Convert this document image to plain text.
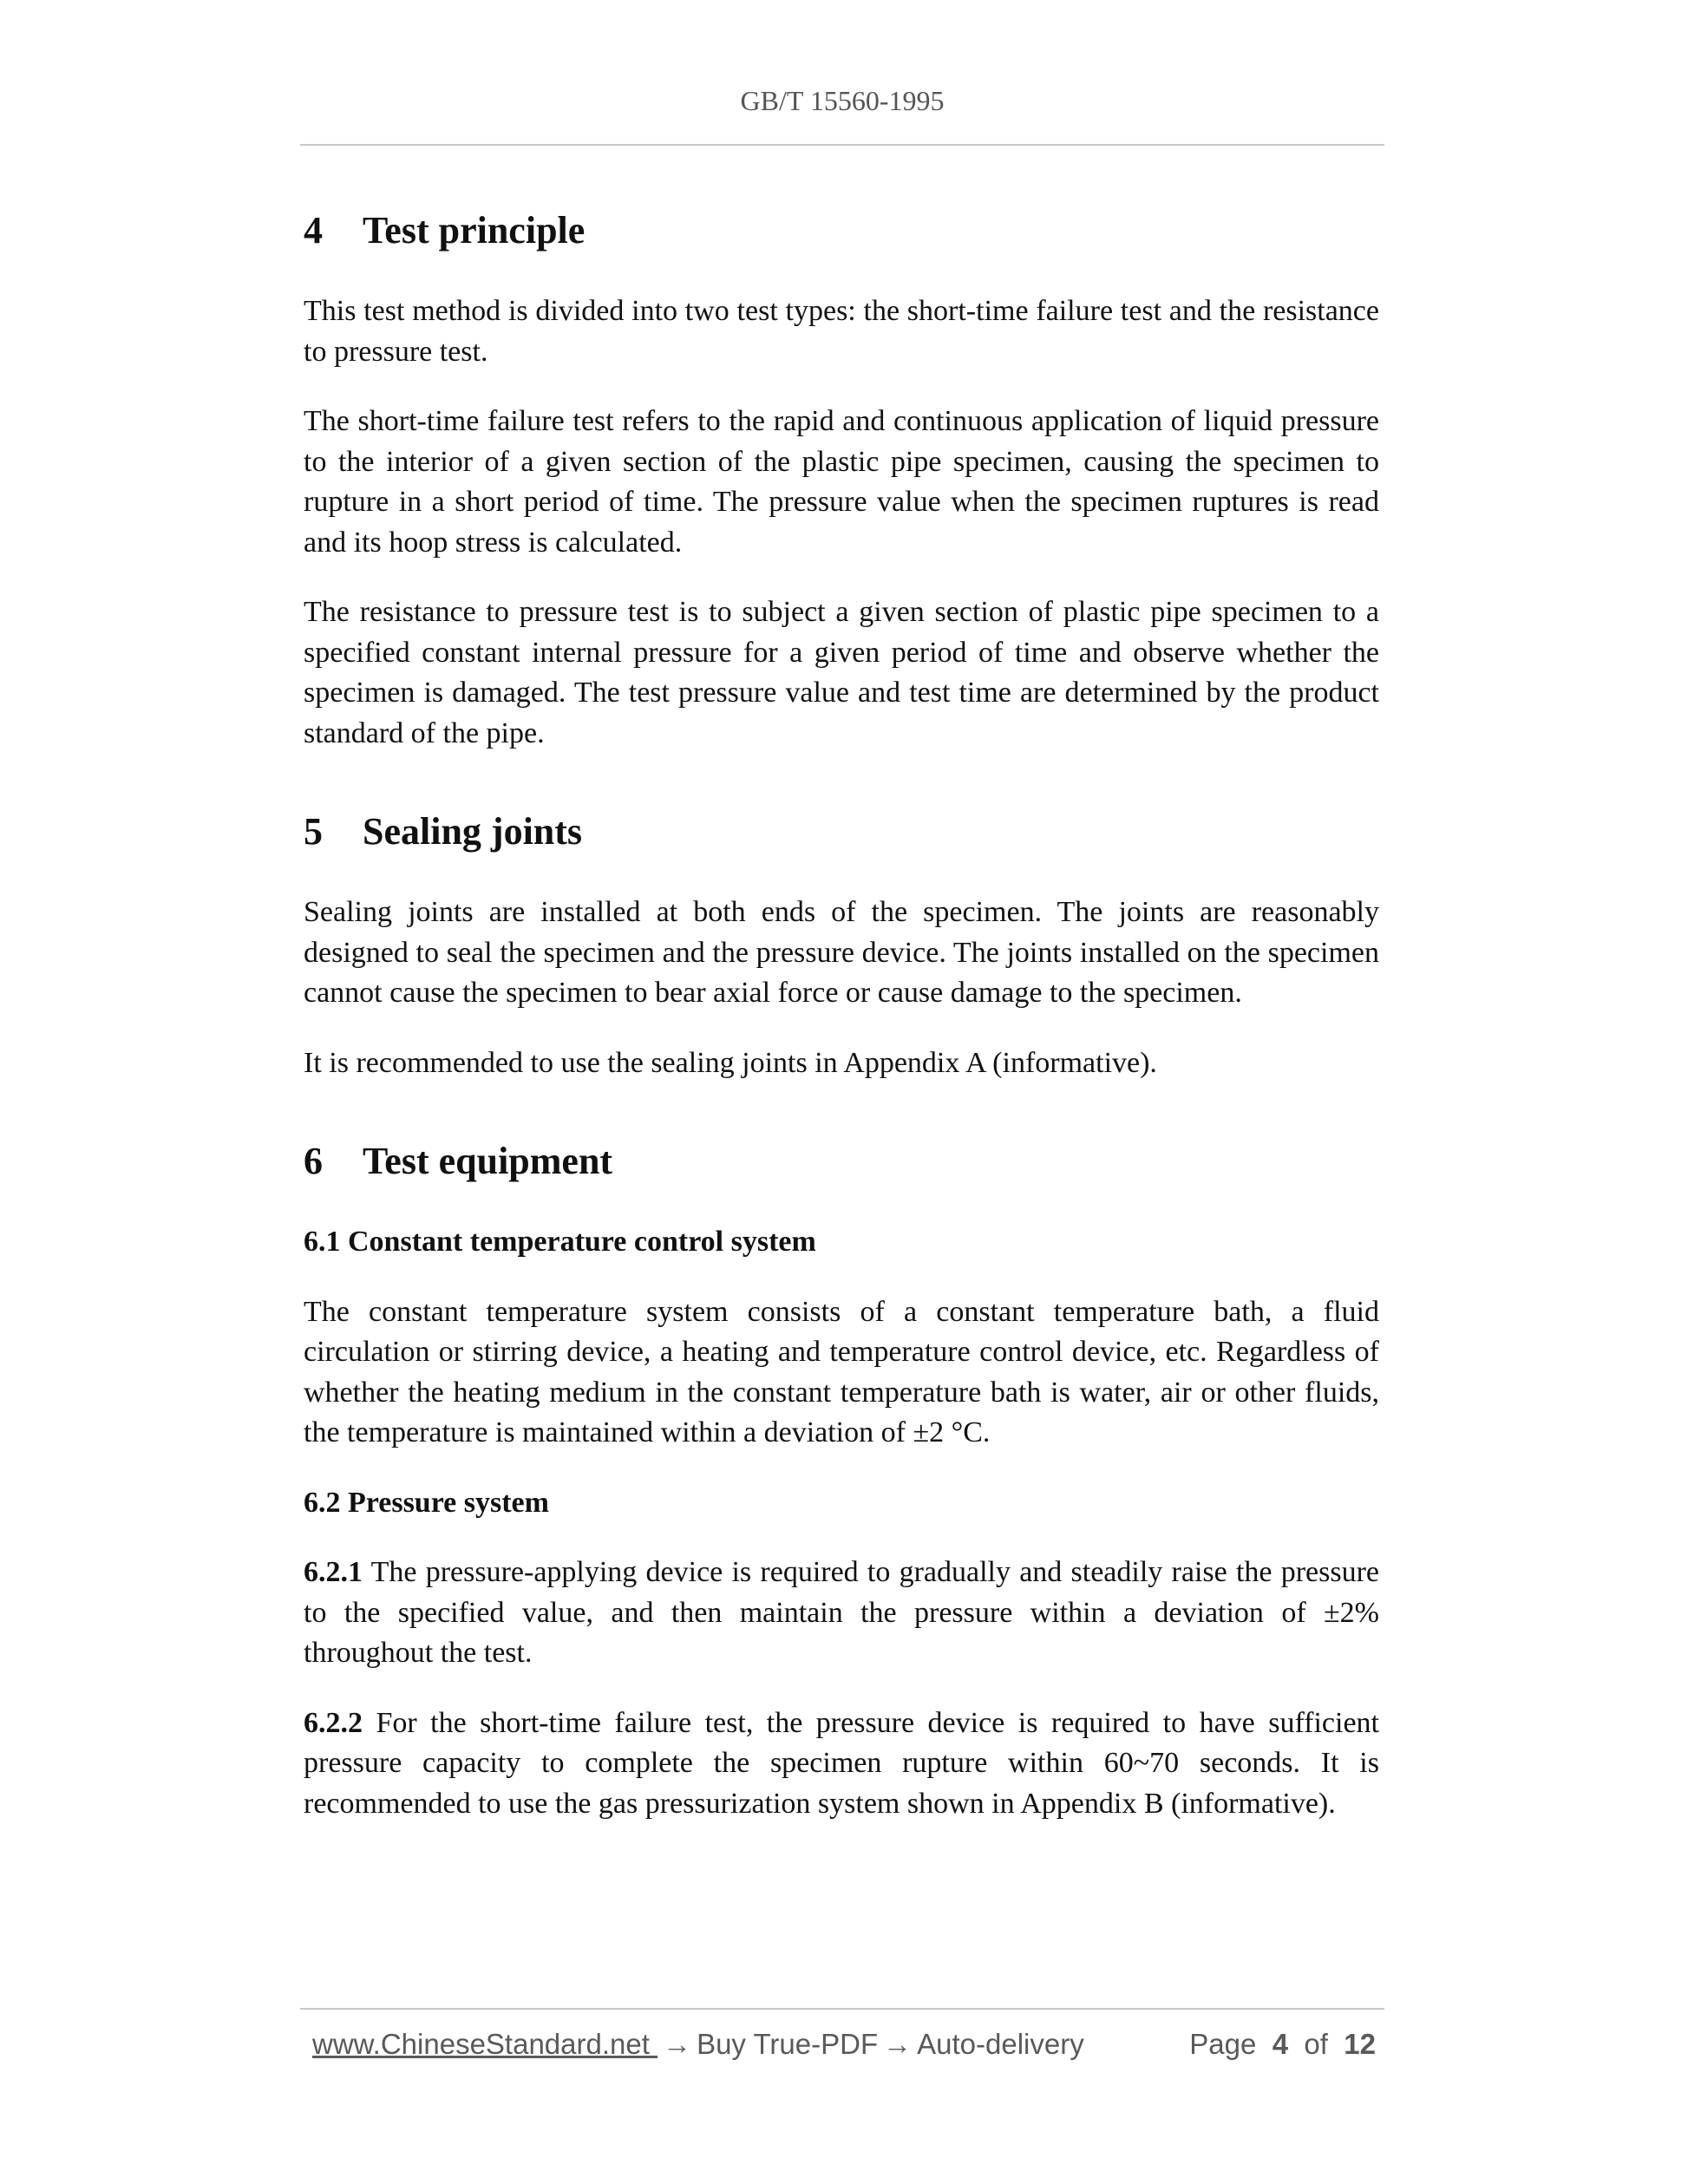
GB/T 15560-1995
4 Test principle

This test method is divided into two test types: the short-time failure test and the resistance to pressure test.

The short-time failure test refers to the rapid and continuous application of liquid pressure to the interior of a given section of the plastic pipe specimen, causing the specimen to rupture in a short period of time. The pressure value when the specimen ruptures is read and its hoop stress is calculated.

The resistance to pressure test is to subject a given section of plastic pipe specimen to a specified constant internal pressure for a given period of time and observe whether the specimen is damaged. The test pressure value and test time are determined by the product standard of the pipe.

5 Sealing joints

Sealing joints are installed at both ends of the specimen. The joints are reasonably designed to seal the specimen and the pressure device. The joints installed on the specimen cannot cause the specimen to bear axial force or cause damage to the specimen.

It is recommended to use the sealing joints in Appendix A (informative).

6 Test equipment
6.1 Constant temperature control system

The constant temperature system consists of a constant temperature bath, a fluid circulation or stirring device, a heating and temperature control device, etc. Regardless of whether the heating medium in the constant temperature bath is water, air or other fluids, the temperature is maintained within a deviation of ±2 °C.

6.2 Pressure system

6.2.1 The pressure-applying device is required to gradually and steadily raise the pressure to the specified value, and then maintain the pressure within a deviation of ±2% throughout the test.

6.2.2 For the short-time failure test, the pressure device is required to have sufficient pressure capacity to complete the specimen rupture within 60~70 seconds. It is recommended to use the gas pressurization system shown in Appendix B (informative).

www.ChineseStandard.net → Buy True-PDF → Auto-delivery	Page 4 of 12
